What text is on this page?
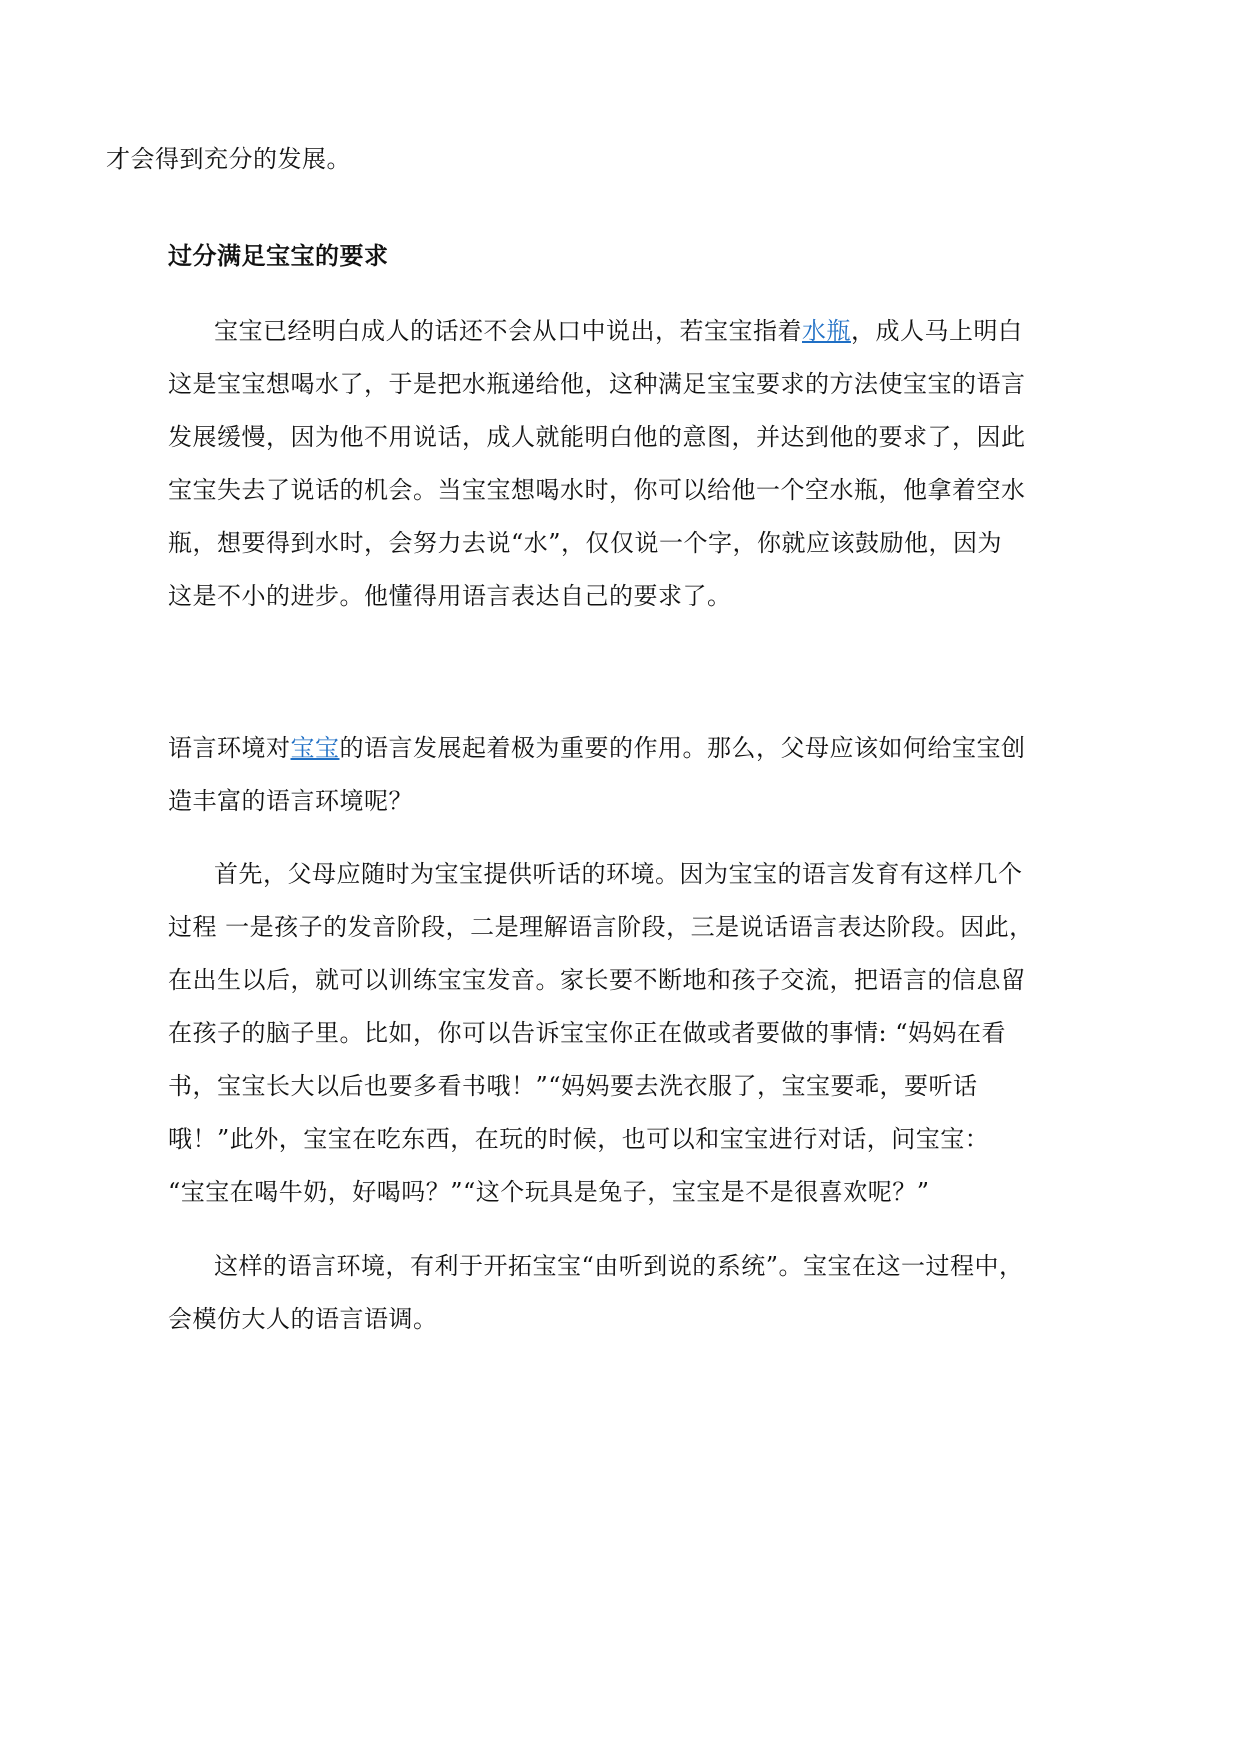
才会得到充分的发展。
过分满足宝宝的要求
宝宝已经明白成人的话还不会从口中说出，若宝宝指着水瓶，成人马上明白
这是宝宝想喝水了，于是把水瓶递给他，这种满足宝宝要求的方法使宝宝的语言
发展缓慢，因为他不用说话，成人就能明白他的意图，并达到他的要求了，因此
宝宝失去了说话的机会。当宝宝想喝水时，你可以给他一个空水瓶，他拿着空水
瓶，想要得到水时，会努力去说“水”，仅仅说一个字，你就应该鼓励他，因为
这是不小的进步。他懂得用语言表达自己的要求了。
语言环境对宝宝的语言发展起着极为重要的作用。那么，父母应该如何给宝宝创
造丰富的语言环境呢？
首先，父母应随时为宝宝提供听话的环境。因为宝宝的语言发育有这样几个
过程 一是孩子的发音阶段，二是理解语言阶段，三是说话语言表达阶段。因此，
在出生以后，就可以训练宝宝发音。家长要不断地和孩子交流，把语言的信息留
在孩子的脑子里。比如，你可以告诉宝宝你正在做或者要做的事情: “妈妈在看
书，宝宝长大以后也要多看书哦！”“妈妈要去洗衣服了，宝宝要乖，要听话
哦！”此外，宝宝在吃东西，在玩的时候，也可以和宝宝进行对话，问宝宝：
“宝宝在喝牛奶，好喝吗？”“这个玩具是兔子，宝宝是不是很喜欢呢？”
这样的语言环境，有利于开拓宝宝“由听到说的系统”。宝宝在这一过程中，
会模仿大人的语言语调。
